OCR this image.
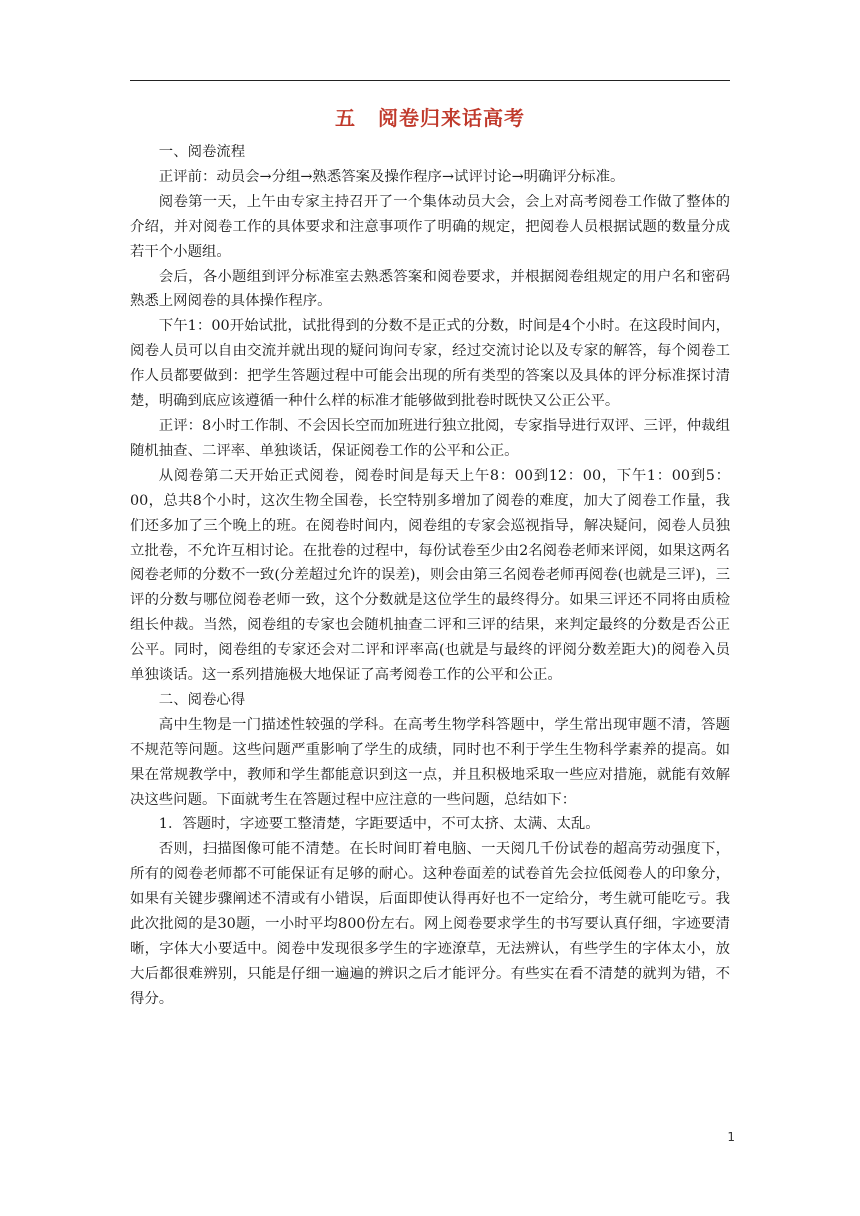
五 阅卷归来话高考

一、阅卷流程

正评前：动员会→分组→熟悉答案及操作程序→试评讨论→明确评分标准。

阅卷第一天，上午由专家主持召开了一个集体动员大会，会上对高考阅卷工作做了整体的介绍，并对阅卷工作的具体要求和注意事项作了明确的规定，把阅卷人员根据试题的数量分成若干个小题组。

会后，各小题组到评分标准室去熟悉答案和阅卷要求，并根据阅卷组规定的用户名和密码熟悉上网阅卷的具体操作程序。

下午1：00开始试批，试批得到的分数不是正式的分数，时间是4个小时。在这段时间内，阅卷人员可以自由交流并就出现的疑问询问专家，经过交流讨论以及专家的解答，每个阅卷工作人员都要做到：把学生答题过程中可能会出现的所有类型的答案以及具体的评分标准探讨清楚，明确到底应该遵循一种什么样的标准才能够做到批卷时既快又公正公平。

正评：8小时工作制、不会因长空而加班进行独立批阅，专家指导进行双评、三评，仲裁组随机抽查、二评率、单独谈话，保证阅卷工作的公平和公正。

从阅卷第二天开始正式阅卷，阅卷时间是每天上午8：00到12：00，下午1：00到5：00，总共8个小时，这次生物全国卷，长空特别多增加了阅卷的难度，加大了阅卷工作量，我们还多加了三个晚上的班。在阅卷时间内，阅卷组的专家会巡视指导，解决疑问，阅卷人员独立批卷，不允许互相讨论。在批卷的过程中，每份试卷至少由2名阅卷老师来评阅，如果这两名阅卷老师的分数不一致(分差超过允许的误差)，则会由第三名阅卷老师再阅卷(也就是三评)，三评的分数与哪位阅卷老师一致，这个分数就是这位学生的最终得分。如果三评还不同将由质检组长仲裁。当然，阅卷组的专家也会随机抽查二评和三评的结果，来判定最终的分数是否公正公平。同时，阅卷组的专家还会对二评和评率高(也就是与最终的评阅分数差距大)的阅卷入员单独谈话。这一系列措施极大地保证了高考阅卷工作的公平和公正。

二、阅卷心得

高中生物是一门描述性较强的学科。在高考生物学科答题中，学生常出现审题不清，答题不规范等问题。这些问题严重影响了学生的成绩，同时也不利于学生生物科学素养的提高。如果在常规教学中，教师和学生都能意识到这一点，并且积极地采取一些应对措施，就能有效解决这些问题。下面就考生在答题过程中应注意的一些问题，总结如下：

1．答题时，字迹要工整清楚，字距要适中，不可太挤、太满、太乱。

否则，扫描图像可能不清楚。在长时间盯着电脑、一天阅几千份试卷的超高劳动强度下，所有的阅卷老师都不可能保证有足够的耐心。这种卷面差的试卷首先会拉低阅卷人的印象分，如果有关键步骤阐述不清或有小错误，后面即使认得再好也不一定给分，考生就可能吃亏。我此次批阅的是30题，一小时平均800份左右。网上阅卷要求学生的书写要认真仔细，字迹要清晰，字体大小要适中。阅卷中发现很多学生的字迹潦草，无法辨认，有些学生的字体太小，放大后都很难辨别，只能是仔细一遍遍的辨识之后才能评分。有些实在看不清楚的就判为错，不得分。

1
